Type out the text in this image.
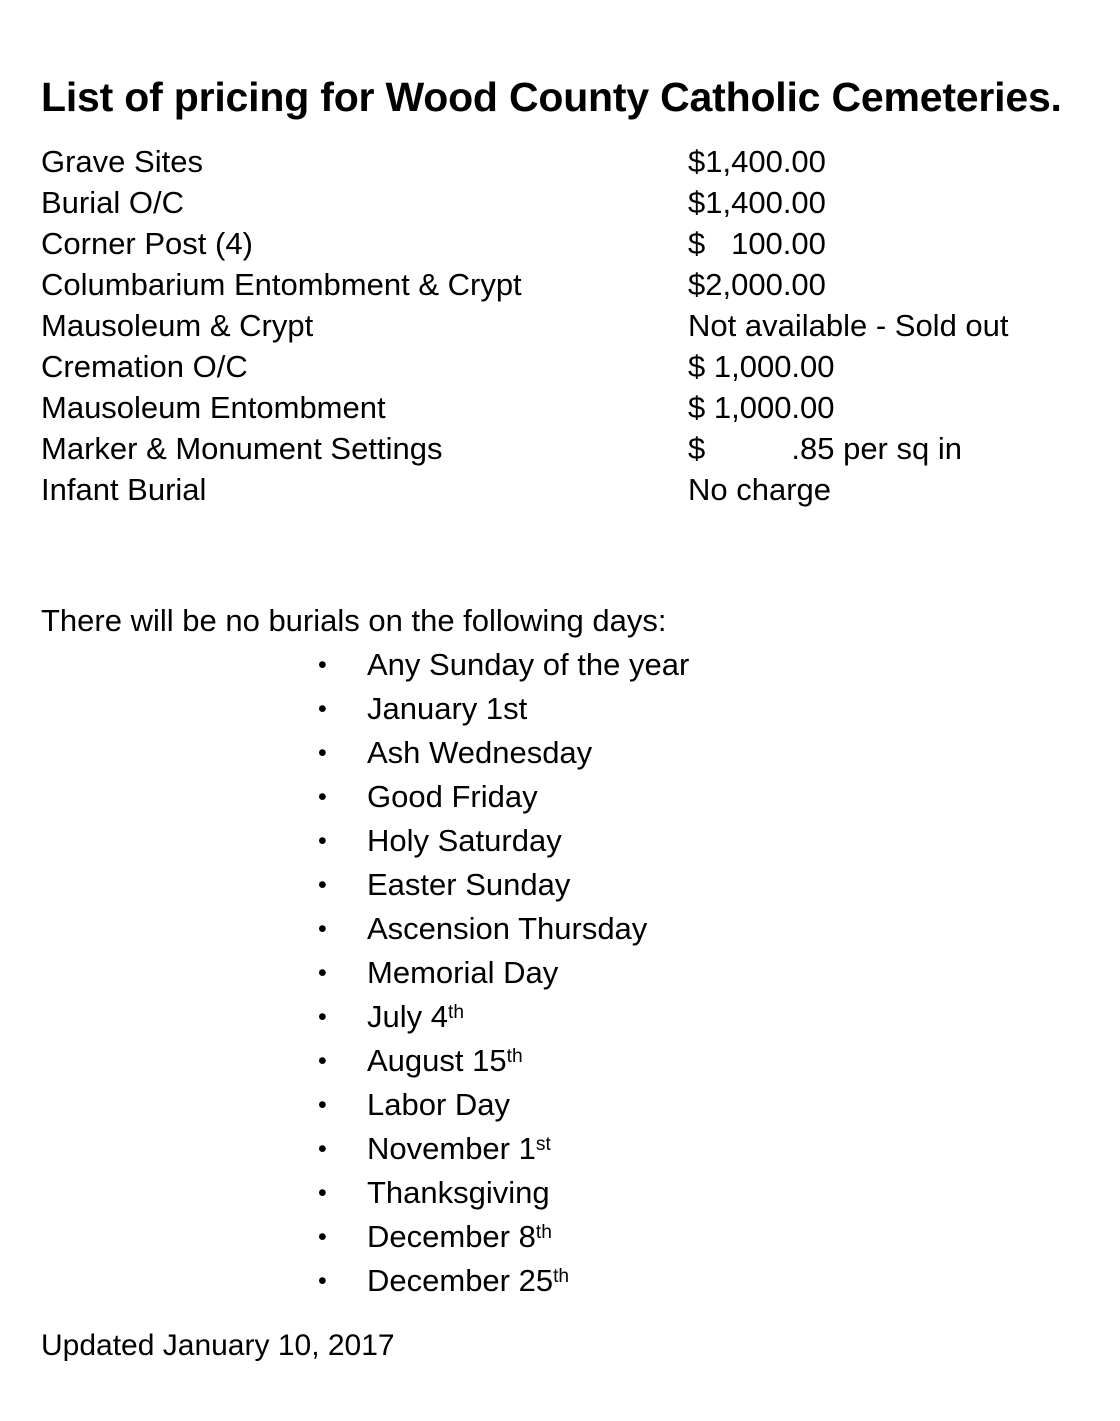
List of pricing for Wood County Catholic Cemeteries.
Grave Sites	$1,400.00
Burial O/C	$1,400.00
Corner Post (4)	$   100.00
Columbarium Entombment & Crypt	$2,000.00
Mausoleum & Crypt	Not available - Sold out
Cremation O/C	$ 1,000.00
Mausoleum Entombment	$ 1,000.00
Marker & Monument Settings	$          .85 per sq in
Infant Burial	No charge
There will be no burials on the following days:
•	Any Sunday of the year
•	January 1st
•	Ash Wednesday
•	Good Friday
•	Holy Saturday
•	Easter Sunday
•	Ascension Thursday
•	Memorial Day
•	July 4th
•	August 15th
•	Labor Day
•	November 1st
•	Thanksgiving
•	December 8th
•	December 25th
Updated January 10, 2017
